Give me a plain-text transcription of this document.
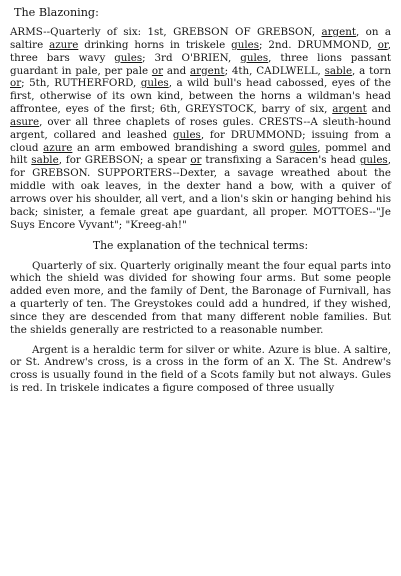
The Blazoning:

ARMS--Quarterly of six: 1st, GREBSON OF GREBSON, argent, on a saltire azure drinking horns in triskele gules; 2nd. DRUMMOND, or, three bars wavy gules; 3rd O'BRIEN, gules, three lions passant guardant in pale, per pale or and argent; 4th, CADLWELL, sable, a torn or; 5th, RUTHERFORD, gules, a wild bull's head cabossed, eyes of the first, otherwise of its own kind, between the horns a wildman's head affrontee, eyes of the first; 6th, GREYSTOCK, barry of six, argent and asure, over all three chaplets of roses gules. CRESTS--A sleuth-hound argent, collared and leashed gules, for DRUMMOND; issuing from a cloud azure an arm embowed brandishing a sword gules, pommel and hilt sable, for GREBSON; a spear or transfixing a Saracen's head gules, for GREBSON. SUPPORTERS--Dexter, a savage wreathed about the middle with oak leaves, in the dexter hand a bow, with a quiver of arrows over his shoulder, all vert, and a lion's skin or hanging behind his back; sinister, a female great ape guardant, all proper. MOTTOES--"Je Suys Encore Vyvant"; "Kreeg-ah!"

The explanation of the technical terms:

Quarterly of six. Quarterly originally meant the four equal parts into which the shield was divided for showing four arms. But some people added even more, and the family of Dent, the Baronage of Furnivall, has a quarterly of ten. The Greystokes could add a hundred, if they wished, since they are descended from that many different noble families. But the shields generally are restricted to a reasonable number.

Argent is a heraldic term for silver or white. Azure is blue. A saltire, or St. Andrew's cross, is a cross in the form of an X. The St. Andrew's cross is usually found in the field of a Scots family but not always. Gules is red. In triskele indicates a figure composed of three usually
